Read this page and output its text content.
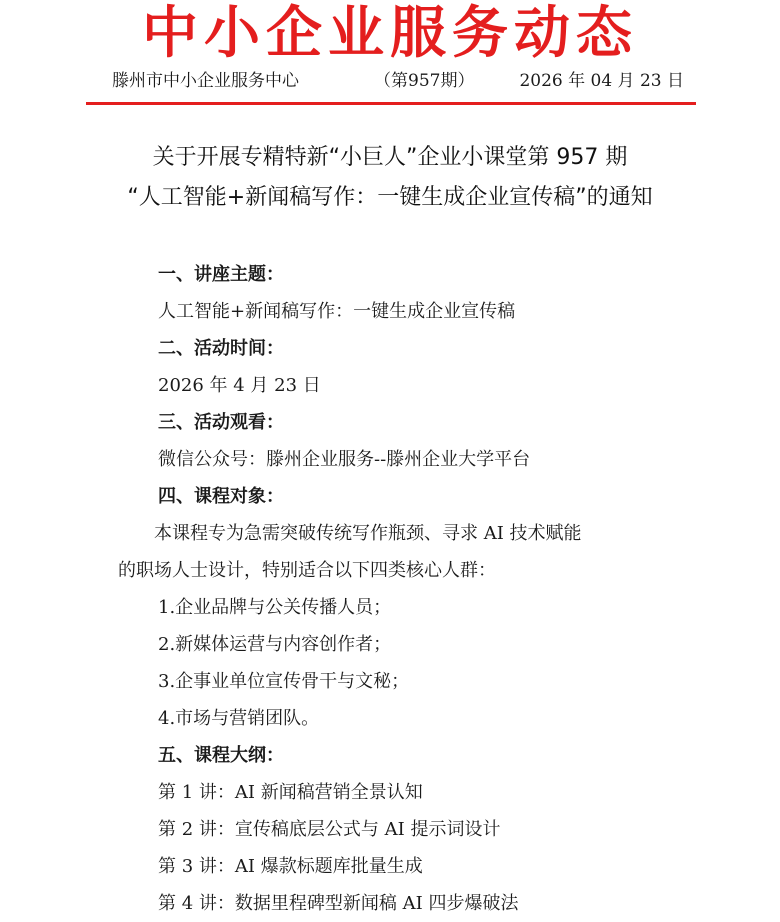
中小企业服务动态
滕州市中小企业服务中心	（第957期）	2026 年 04 月 23 日
关于开展专精特新“小巨人”企业小课堂第 957 期
“人工智能+新闻稿写作：一键生成企业宣传稿”的通知
一、讲座主题：
人工智能+新闻稿写作：一键生成企业宣传稿
二、活动时间：
2026 年 4 月 23 日
三、活动观看：
微信公众号：滕州企业服务--滕州企业大学平台
四、课程对象：
本课程专为急需突破传统写作瓶颈、寻求 AI 技术赋能
的职场人士设计，特别适合以下四类核心人群：
1.企业品牌与公关传播人员；
2.新媒体运营与内容创作者；
3.企事业单位宣传骨干与文秘；
4.市场与营销团队。
五、课程大纲：
第 1 讲：AI 新闻稿营销全景认知
第 2 讲：宣传稿底层公式与 AI 提示词设计
第 3 讲：AI 爆款标题库批量生成
第 4 讲：数据里程碑型新闻稿 AI 四步爆破法
